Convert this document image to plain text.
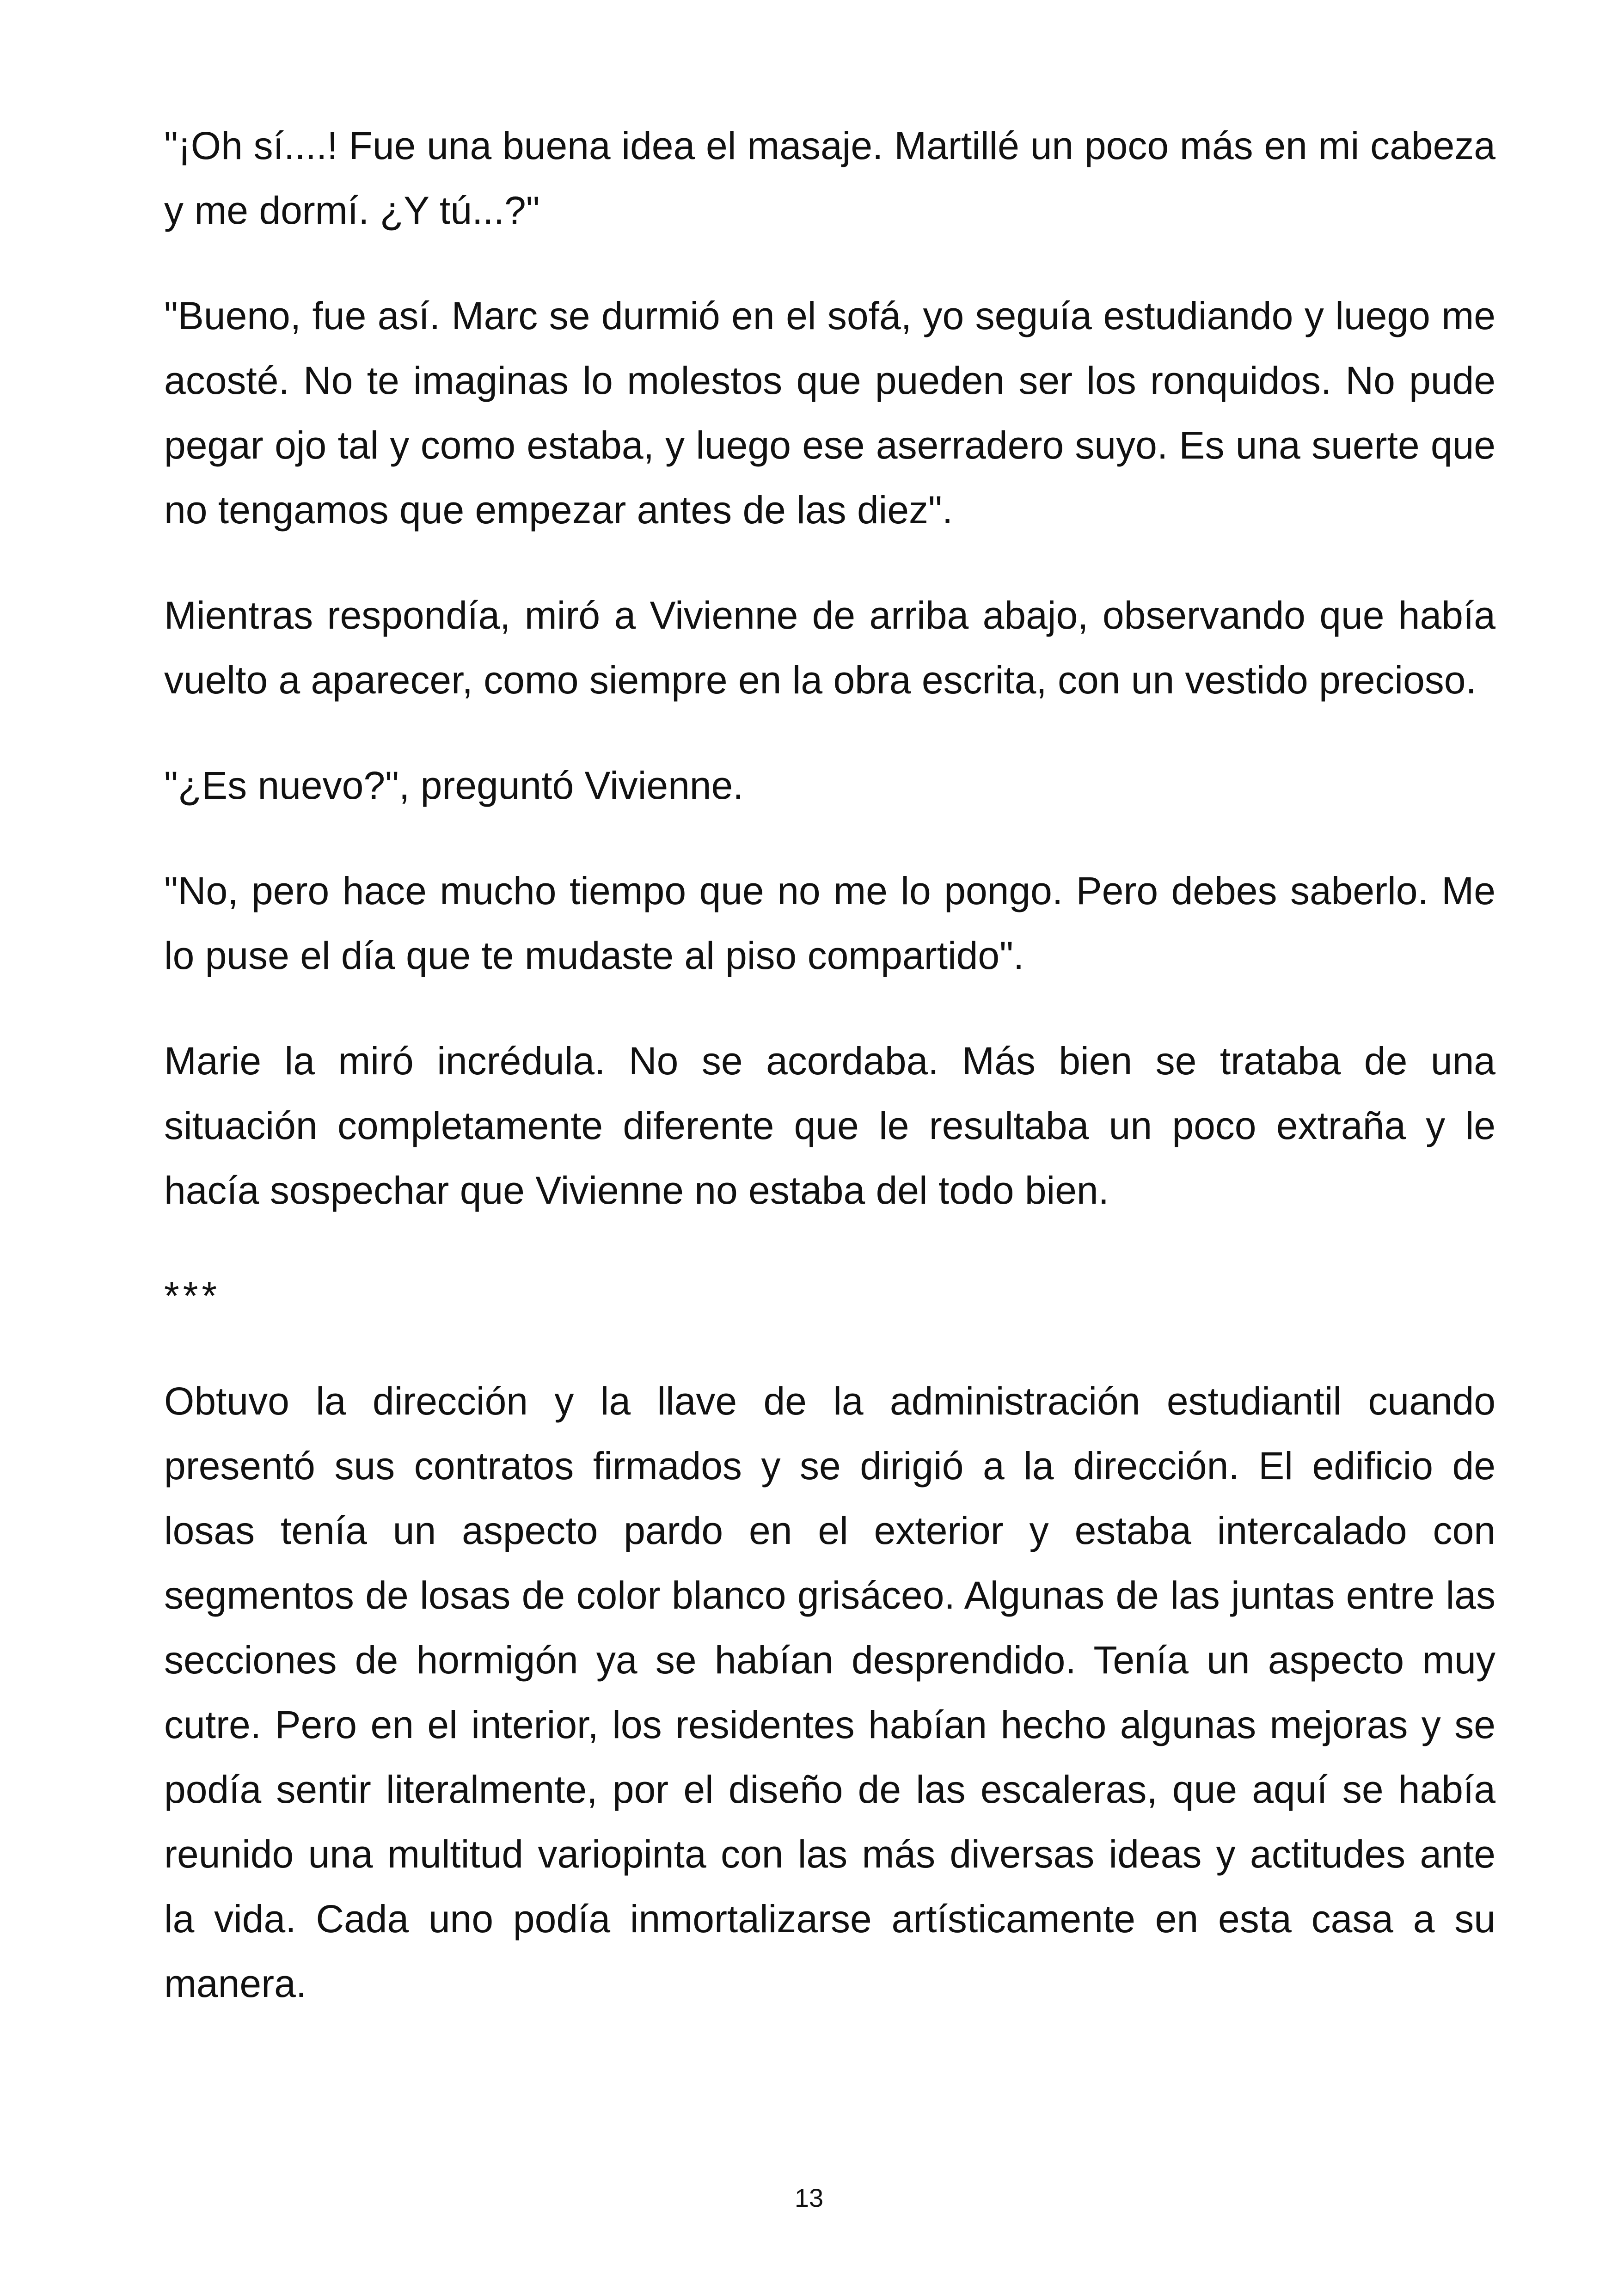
"¡Oh sí....! Fue una buena idea el masaje. Martillé un poco más en mi cabeza y me dormí. ¿Y tú...?"

"Bueno, fue así. Marc se durmió en el sofá, yo seguía estudiando y luego me acosté. No te imaginas lo molestos que pueden ser los ronquidos. No pude pegar ojo tal y como estaba, y luego ese aserradero suyo. Es una suerte que no tengamos que empezar antes de las diez".

Mientras respondía, miró a Vivienne de arriba abajo, observando que había vuelto a aparecer, como siempre en la obra escrita, con un vestido precioso.

"¿Es nuevo?", preguntó Vivienne.

"No, pero hace mucho tiempo que no me lo pongo. Pero debes saberlo. Me lo puse el día que te mudaste al piso compartido".

Marie la miró incrédula. No se acordaba. Más bien se trataba de una situación completamente diferente que le resultaba un poco extraña y le hacía sospechar que Vivienne no estaba del todo bien.

***

Obtuvo la dirección y la llave de la administración estudiantil cuando presentó sus contratos firmados y se dirigió a la dirección. El edificio de losas tenía un aspecto pardo en el exterior y estaba intercalado con segmentos de losas de color blanco grisáceo. Algunas de las juntas entre las secciones de hormigón ya se habían desprendido. Tenía un aspecto muy cutre. Pero en el interior, los residentes habían hecho algunas mejoras y se podía sentir literalmente, por el diseño de las escaleras, que aquí se había reunido una multitud variopinta con las más diversas ideas y actitudes ante la vida. Cada uno podía inmortalizarse artísticamente en esta casa a su manera.

13
